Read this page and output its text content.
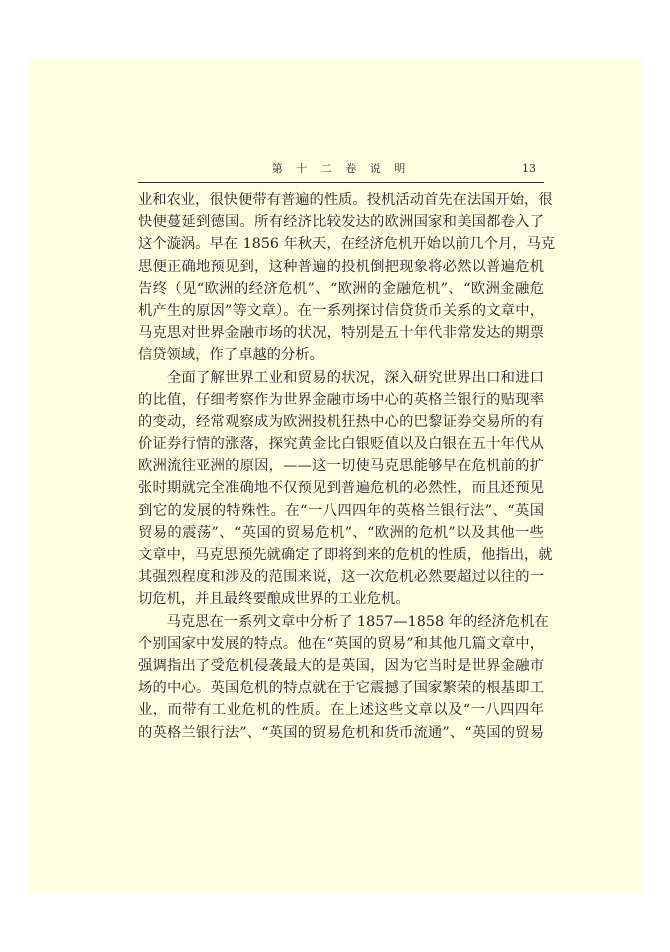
第 十 二 卷 说 明	13
业和农业，很快便带有普遍的性质。投机活动首先在法国开始，很
快便蔓延到德国。所有经济比较发达的欧洲国家和美国都卷入了
这个漩涡。早在 1856 年秋天，在经济危机开始以前几个月，马克
思便正确地预见到，这种普遍的投机倒把现象将必然以普遍危机
告终（见“欧洲的经济危机”、“欧洲的金融危机”、“欧洲金融危
机产生的原因”等文章）。在一系列探讨信贷货币关系的文章中，
马克思对世界金融市场的状况，特别是五十年代非常发达的期票
信贷领域，作了卓越的分析。
　　全面了解世界工业和贸易的状况，深入研究世界出口和进口
的比值，仔细考察作为世界金融市场中心的英格兰银行的贴现率
的变动，经常观察成为欧洲投机狂热中心的巴黎证券交易所的有
价证券行情的涨落，探究黄金比白银贬值以及白银在五十年代从
欧洲流往亚洲的原因，——这一切使马克思能够早在危机前的扩
张时期就完全准确地不仅预见到普遍危机的必然性，而且还预见
到它的发展的特殊性。在“一八四四年的英格兰银行法”、“英国
贸易的震荡”、“英国的贸易危机”、“欧洲的危机”以及其他一些
文章中，马克思预先就确定了即将到来的危机的性质，他指出，就
其强烈程度和涉及的范围来说，这一次危机必然要超过以往的一
切危机，并且最终要酿成世界的工业危机。
　　马克思在一系列文章中分析了 1857—1858 年的经济危机在
个别国家中发展的特点。他在“英国的贸易”和其他几篇文章中，
强调指出了受危机侵袭最大的是英国，因为它当时是世界金融市
场的中心。英国危机的特点就在于它震撼了国家繁荣的根基即工
业，而带有工业危机的性质。在上述这些文章以及“一八四四年
的英格兰银行法”、“英国的贸易危机和货币流通”、“英国的贸易
